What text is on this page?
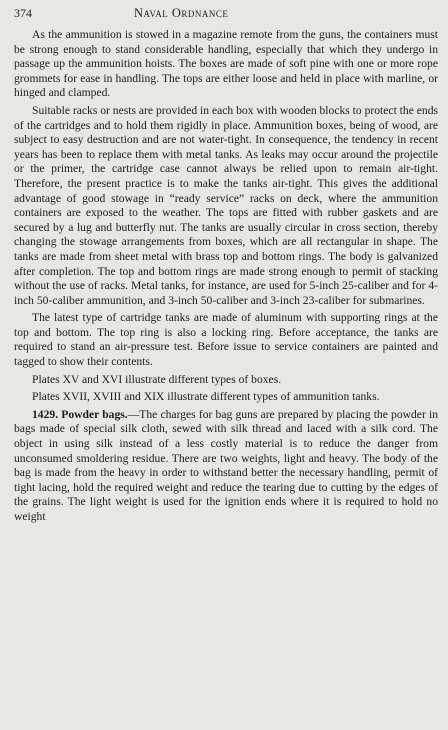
374	Naval Ordnance

As the ammunition is stowed in a magazine remote from the guns, the containers must be strong enough to stand considerable handling, especially that which they undergo in passage up the ammunition hoists. The boxes are made of soft pine with one or more rope grommets for ease in handling. The tops are either loose and held in place with marline, or hinged and clamped.

Suitable racks or nests are provided in each box with wooden blocks to protect the ends of the cartridges and to hold them rigidly in place. Ammunition boxes, being of wood, are subject to easy destruction and are not water-tight. In consequence, the tendency in recent years has been to replace them with metal tanks. As leaks may occur around the projectile or the primer, the cartridge case cannot always be relied upon to remain air-tight. Therefore, the present practice is to make the tanks air-tight. This gives the additional advantage of good stowage in “ready service” racks on deck, where the ammunition containers are exposed to the weather. The tops are fitted with rubber gaskets and are secured by a lug and butterfly nut. The tanks are usually circular in cross section, thereby changing the stowage arrangements from boxes, which are all rectangular in shape. The tanks are made from sheet metal with brass top and bottom rings. The body is galvanized after completion. The top and bottom rings are made strong enough to permit of stacking without the use of racks. Metal tanks, for instance, are used for 5-inch 25-caliber and for 4-inch 50-caliber ammunition, and 3-inch 50-caliber and 3-inch 23-caliber for submarines.

The latest type of cartridge tanks are made of aluminum with supporting rings at the top and bottom. The top ring is also a locking ring. Before acceptance, the tanks are required to stand an air-pressure test. Before issue to service containers are painted and tagged to show their contents.

Plates XV and XVI illustrate different types of boxes.

Plates XVII, XVIII and XIX illustrate different types of ammunition tanks.

1429. Powder bags.—The charges for bag guns are prepared by placing the powder in bags made of special silk cloth, sewed with silk thread and laced with a silk cord. The object in using silk instead of a less costly material is to reduce the danger from unconsumed smoldering residue. There are two weights, light and heavy. The body of the bag is made from the heavy in order to withstand better the necessary handling, permit of tight lacing, hold the required weight and reduce the tearing due to cutting by the edges of the grains. The light weight is used for the ignition ends where it is required to hold no weight
